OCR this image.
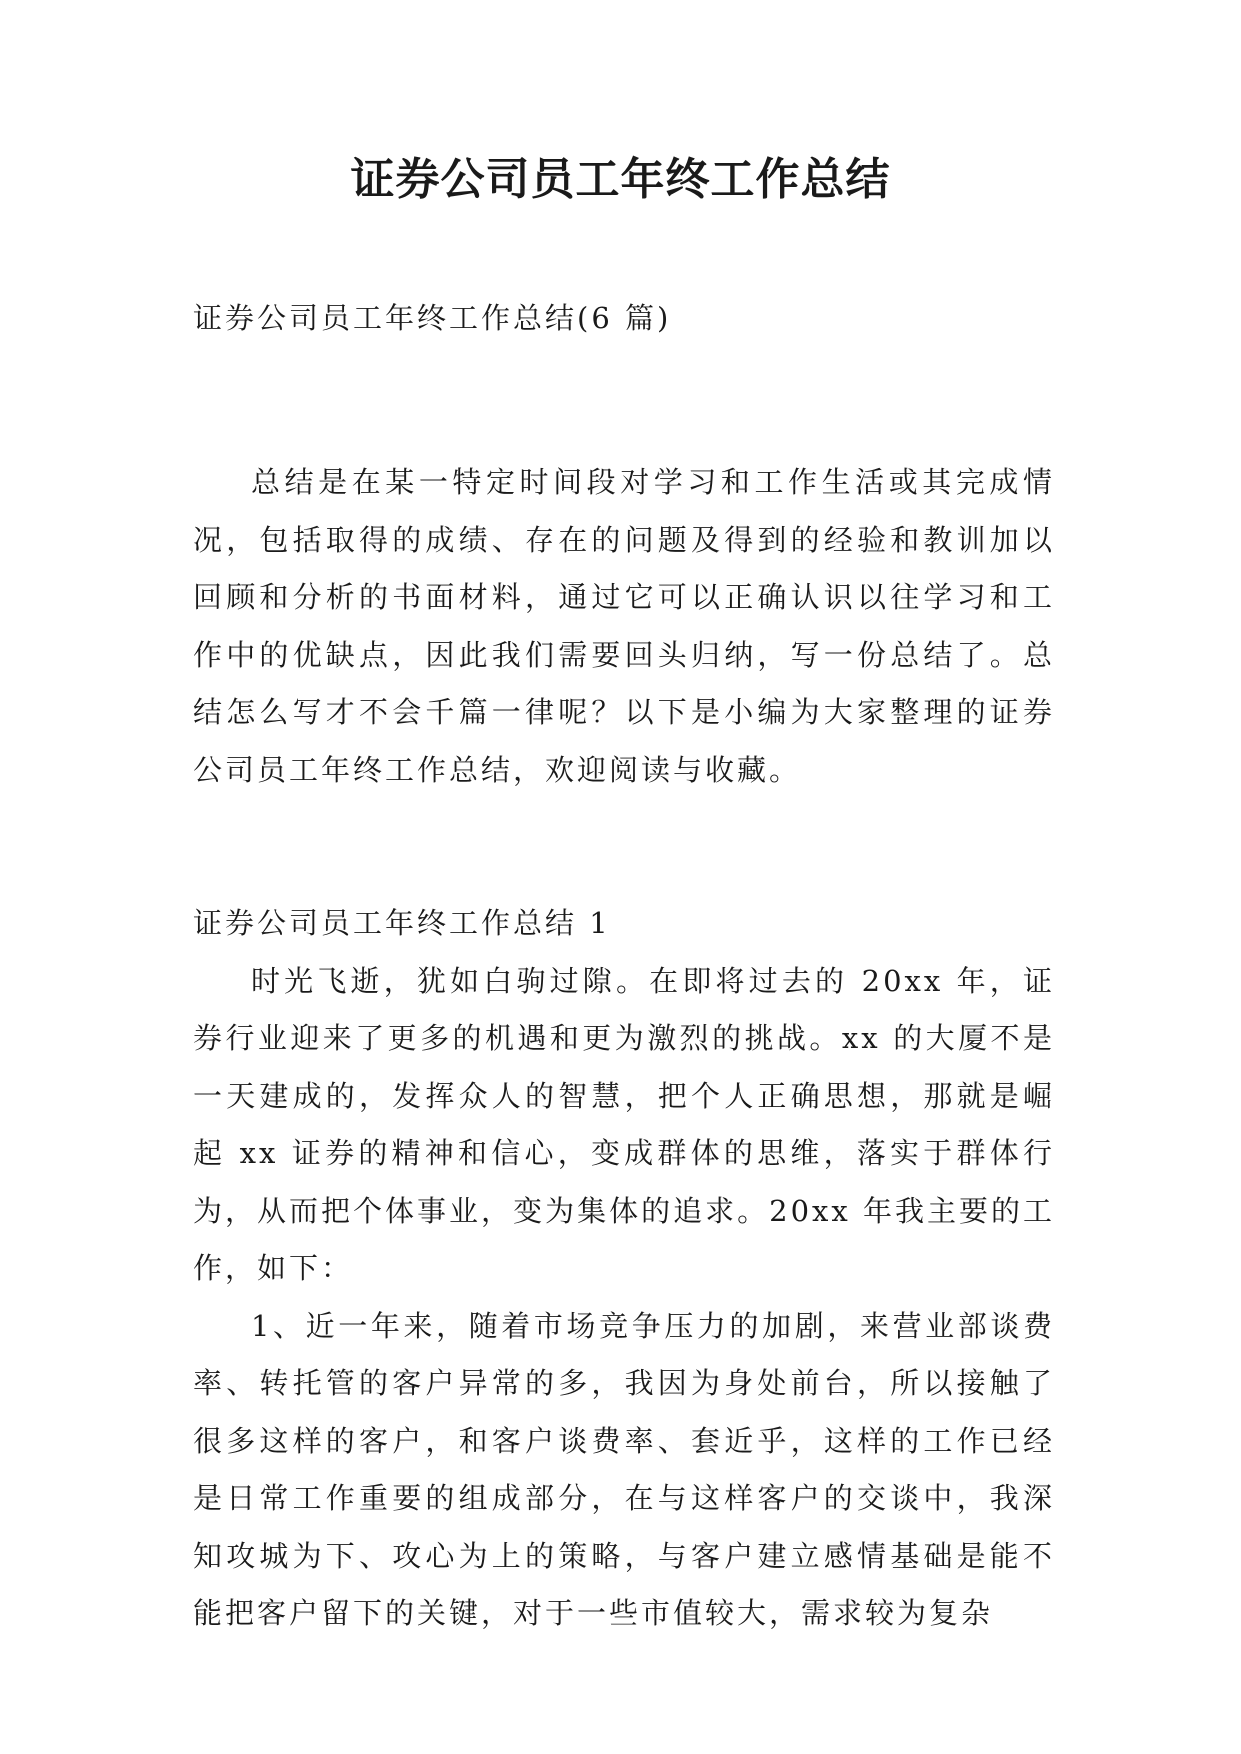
证券公司员工年终工作总结
证券公司员工年终工作总结(6 篇)

总结是在某一特定时间段对学习和工作生活或其完成情况，包括取得的成绩、存在的问题及得到的经验和教训加以回顾和分析的书面材料，通过它可以正确认识以往学习和工作中的优缺点，因此我们需要回头归纳，写一份总结了。总结怎么写才不会千篇一律呢？以下是小编为大家整理的证券公司员工年终工作总结，欢迎阅读与收藏。

证券公司员工年终工作总结 1

时光飞逝，犹如白驹过隙。在即将过去的 20xx 年，证券行业迎来了更多的机遇和更为激烈的挑战。xx 的大厦不是一天建成的，发挥众人的智慧，把个人正确思想，那就是崛起 xx 证券的精神和信心，变成群体的思维，落实于群体行为，从而把个体事业，变为集体的追求。20xx 年我主要的工作，如下：

1、近一年来，随着市场竞争压力的加剧，来营业部谈费率、转托管的客户异常的多，我因为身处前台，所以接触了很多这样的客户，和客户谈费率、套近乎，这样的工作已经是日常工作重要的组成部分，在与这样客户的交谈中，我深知攻城为下、攻心为上的策略，与客户建立感情基础是能不能把客户留下的关键，对于一些市值较大，需求较为复杂
